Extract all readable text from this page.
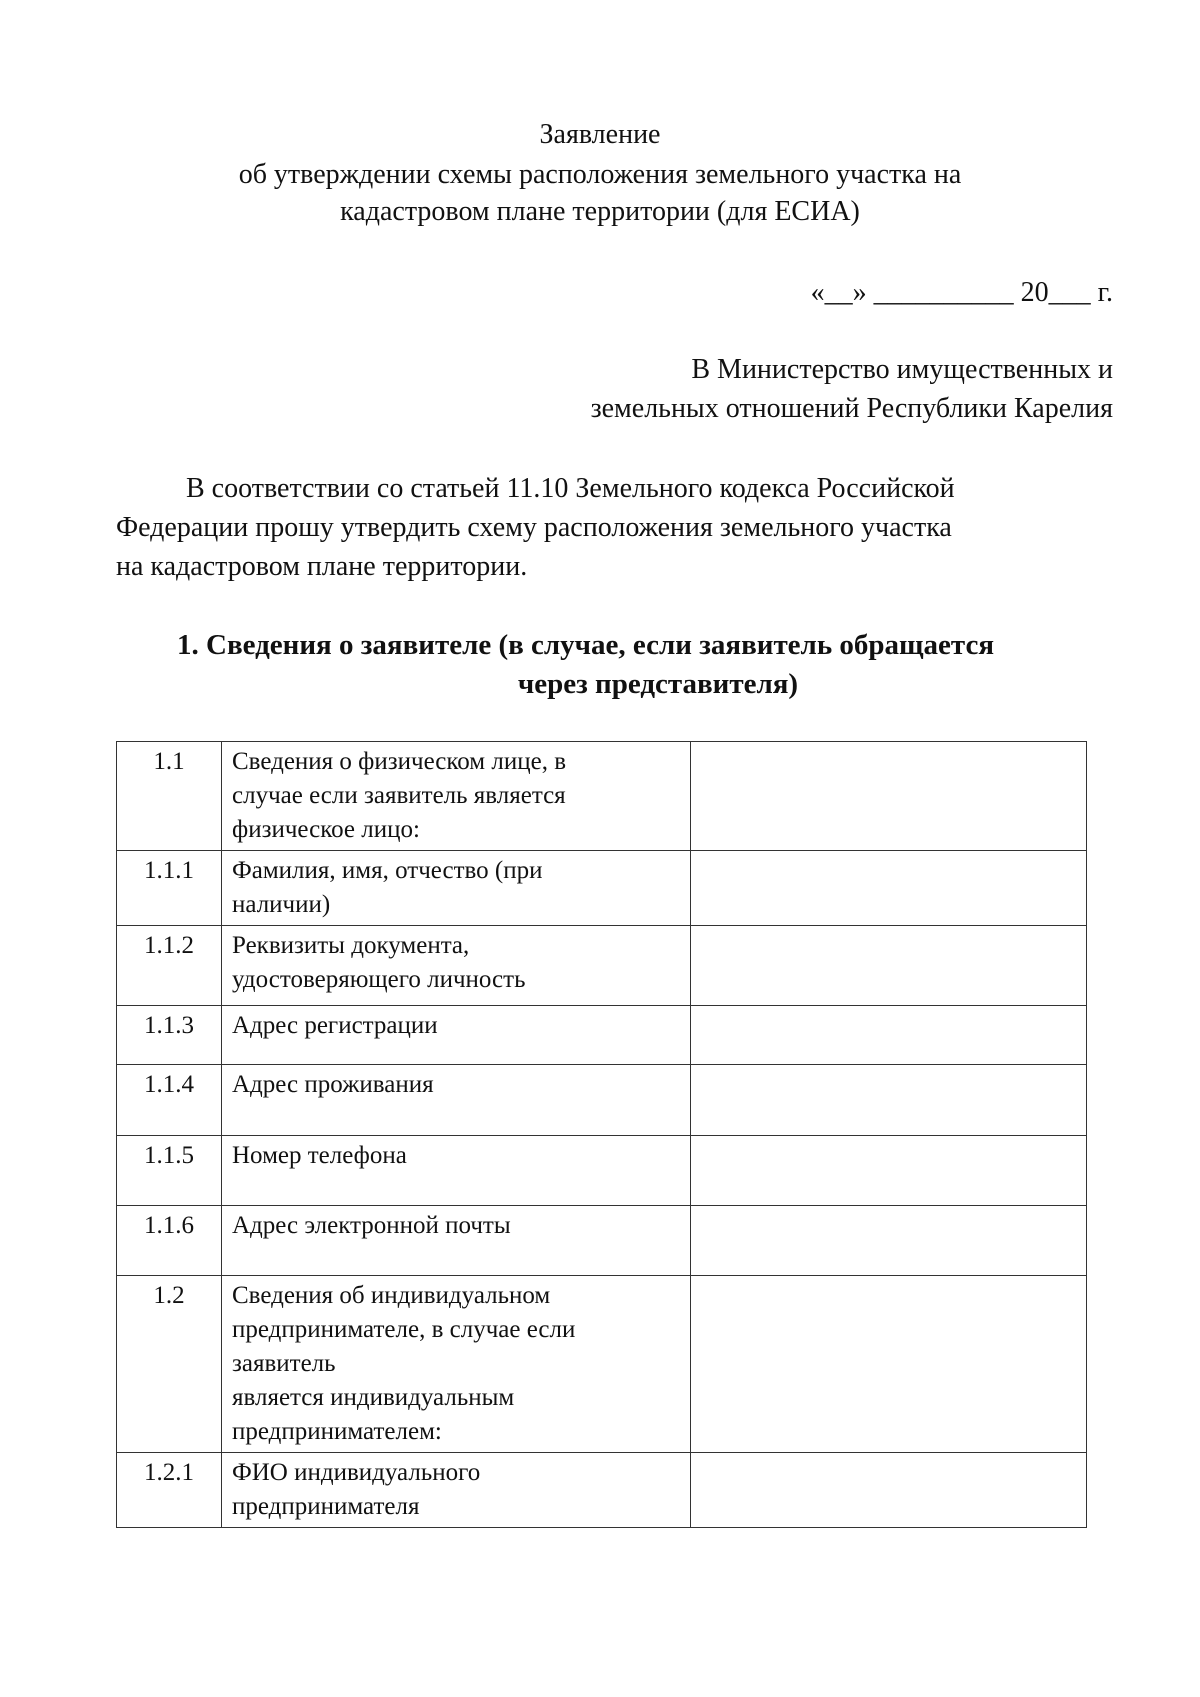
Заявление
об утверждении схемы расположения земельного участка на
кадастровом плане территории (для ЕСИА)
«__» __________ 20___ г.
В Министерство имущественных и
земельных отношений Республики Карелия
В соответствии со статьей 11.10 Земельного кодекса Российской
Федерации прошу утвердить схему расположения земельного участка
на кадастровом плане территории.
1. Сведения о заявителе (в случае, если заявитель обращается
через представителя)
1.1	Сведения о физическом лице, в
случае если заявитель является
физическое лицо:	

1.1.1	Фамилия, имя, отчество (при
наличии)	

1.1.2	Реквизиты документа,
удостоверяющего личность	

1.1.3	Адрес регистрации	

1.1.4	Адрес проживания	

1.1.5	Номер телефона	

1.1.6	Адрес электронной почты	

1.2	Сведения об индивидуальном
предпринимателе, в случае если
заявитель
является индивидуальным
предпринимателем:	

1.2.1	ФИО индивидуального
предпринимателя	
